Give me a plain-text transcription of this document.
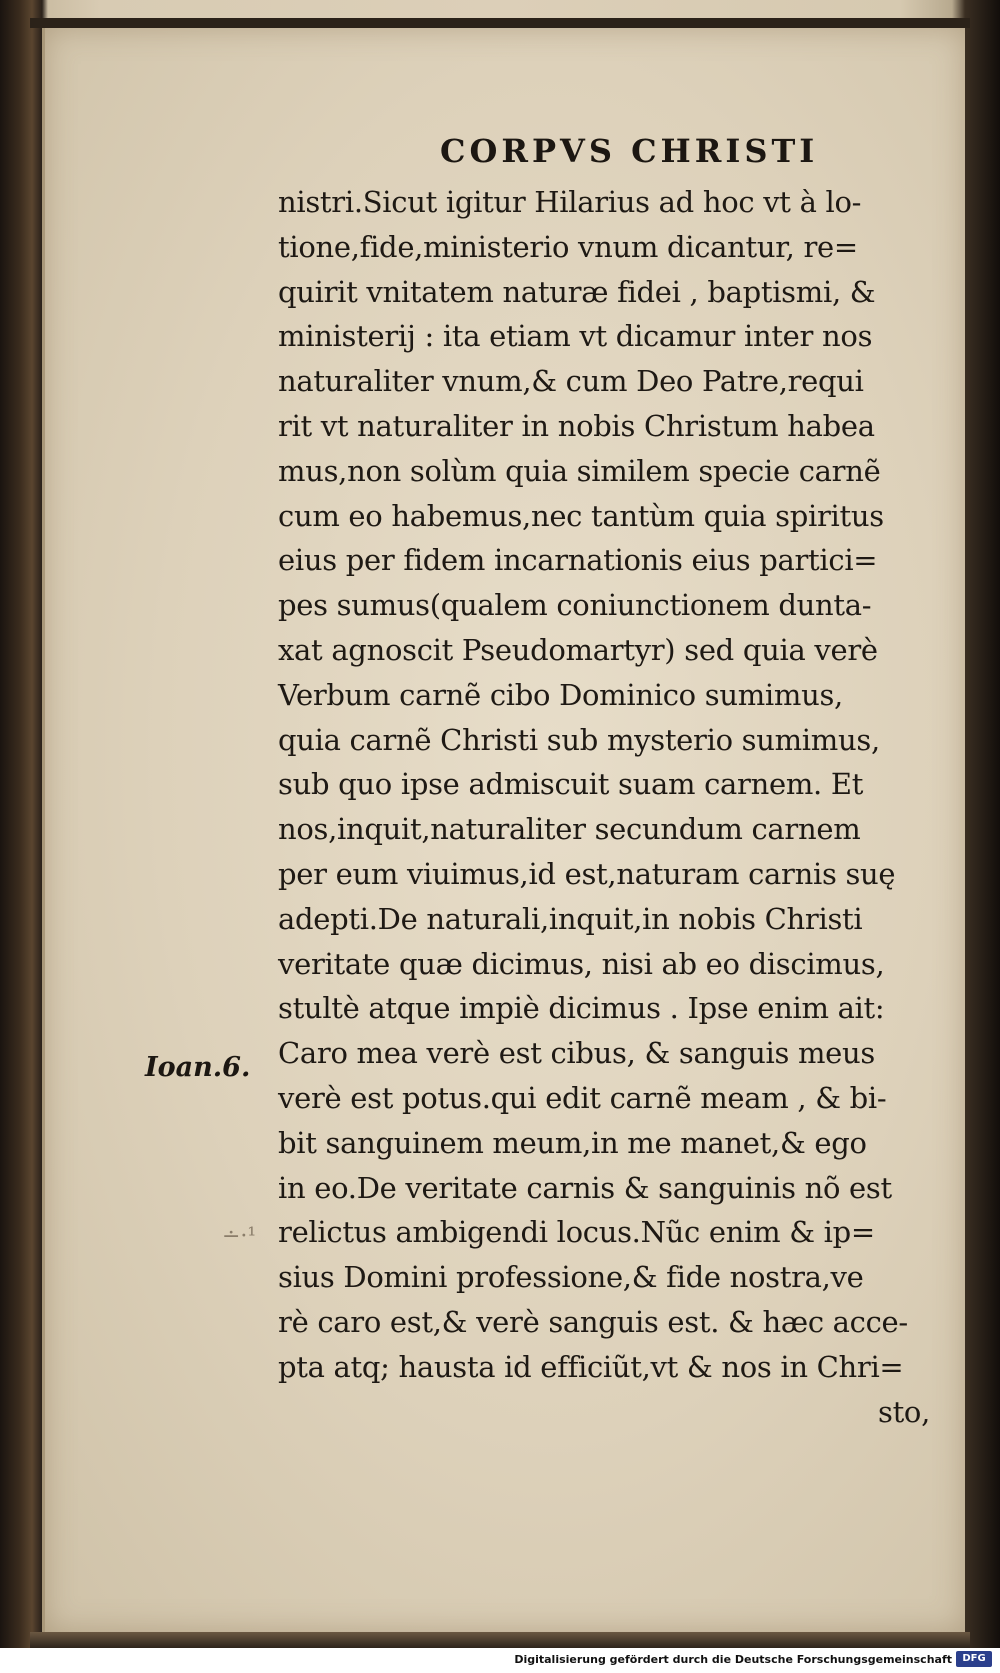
CORPVS CHRISTI
nistri.Sicut igitur Hilarius ad hoc vt à lo-
tione,fide,ministerio vnum dicantur, re=
quirit vnitatem naturæ fidei , baptismi, &
ministerij : ita etiam vt dicamur inter nos
naturaliter vnum,& cum Deo Patre,requi
rit vt naturaliter in nobis Christum habea
mus,non solùm quia similem specie carnẽ
cum eo habemus,nec tantùm quia spiritus
eius per fidem incarnationis eius partici=
pes sumus(qualem coniunctionem dunta-
xat agnoscit Pseudomartyr) sed quia verè
Verbum carnẽ cibo Dominico sumimus,
quia carnẽ Christi sub mysterio sumimus,
sub quo ipse admiscuit suam carnem. Et
nos,inquit,naturaliter secundum carnem
per eum viuimus,id est,naturam carnis suę
adepti.De naturali,inquit,in nobis Christi
veritate quæ dicimus, nisi ab eo discimus,
stultè atque impiè dicimus . Ipse enim ait:
Caro mea verè est cibus, & sanguis meus
verè est potus.qui edit carnẽ meam , & bi-
bit sanguinem meum,in me manet,& ego
in eo.De veritate carnis & sanguinis nõ est
relictus ambigendi locus.Nũc enim & ip=
sius Domini professione,& fide nostra,ve
rè caro est,& verè sanguis est. & hæc acce-
pta atq; hausta id efficiũt,vt & nos in Chri=
sto,
Ioan.6.
∸·¹
Digitalisierung gefördert durch die Deutsche Forschungsgemeinschaft	DFG
